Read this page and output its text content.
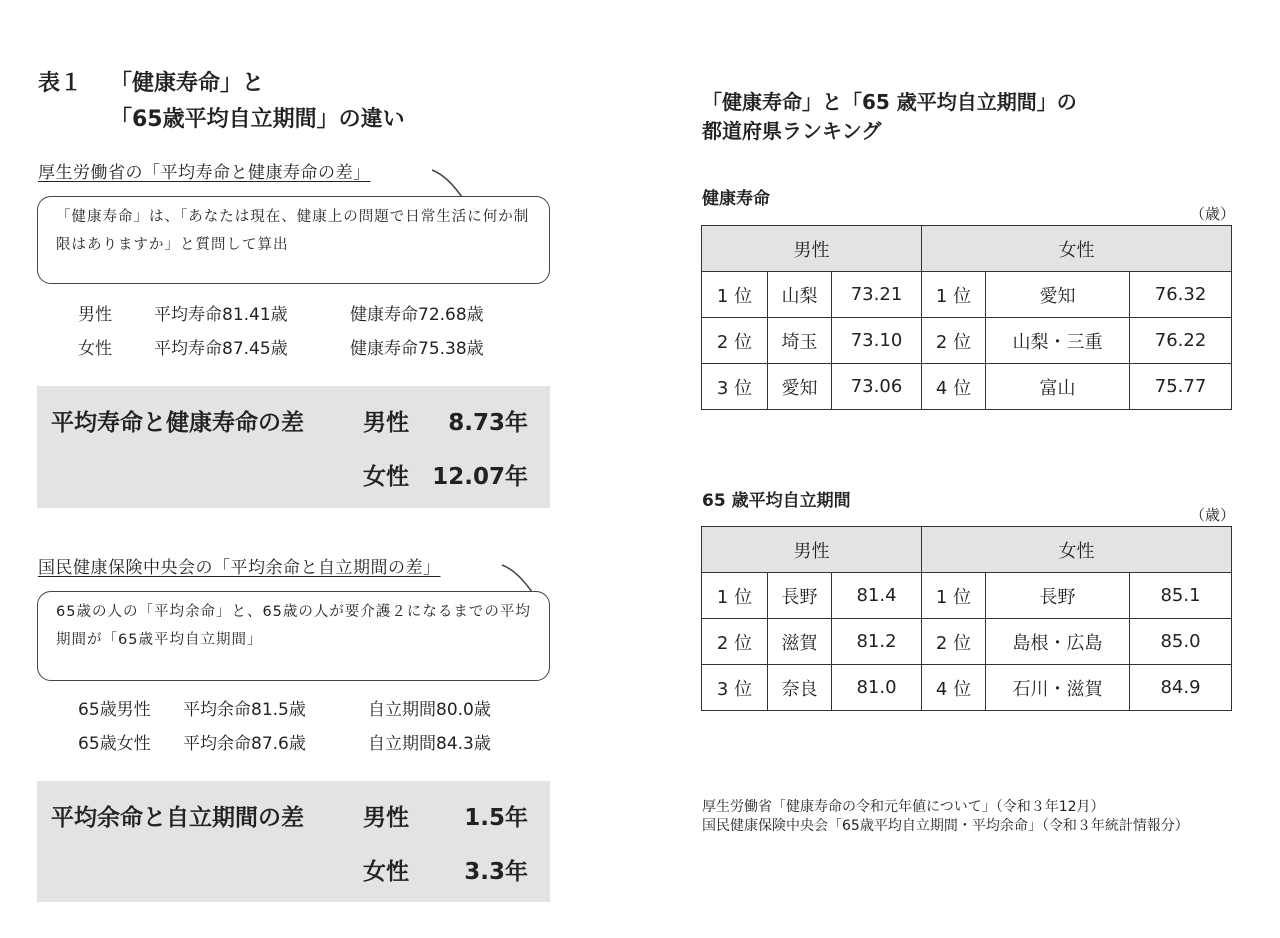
表１ 「健康寿命」と
「65歳平均自立期間」の違い
厚生労働省の「平均寿命と健康寿命の差」
「健康寿命」は、「あなたは現在、健康上の問題で日常生活に何か制限はありますか」と質問して算出
男性 平均寿命81.41歳	健康寿命72.68歳
女性 平均寿命87.45歳	健康寿命75.38歳
平均寿命と健康寿命の差	男性 8.73年
女性 12.07年
国民健康保険中央会の「平均余命と自立期間の差」
65歳の人の「平均余命」と、65歳の人が要介護２になるまでの平均期間が「65歳平均自立期間」
65歳男性 平均余命81.5歳	自立期間80.0歳
65歳女性 平均余命87.6歳	自立期間84.3歳
平均余命と自立期間の差	男性 1.5年
女性 3.3年
「健康寿命」と「65 歳平均自立期間」の
都道府県ランキング
健康寿命
（歳）
男性			女性		
1 位	山梨	73.21	1 位	愛知	76.32
2 位	埼玉	73.10	2 位	山梨・三重	76.22
3 位	愛知	73.06	4 位	富山	75.77
65 歳平均自立期間
（歳）
男性			女性		
1 位	長野	81.4	1 位	長野	85.1
2 位	滋賀	81.2	2 位	島根・広島	85.0
3 位	奈良	81.0	4 位	石川・滋賀	84.9
厚生労働省「健康寿命の令和元年値について」（令和３年12月）
国民健康保険中央会「65歳平均自立期間・平均余命」（令和３年統計情報分）
